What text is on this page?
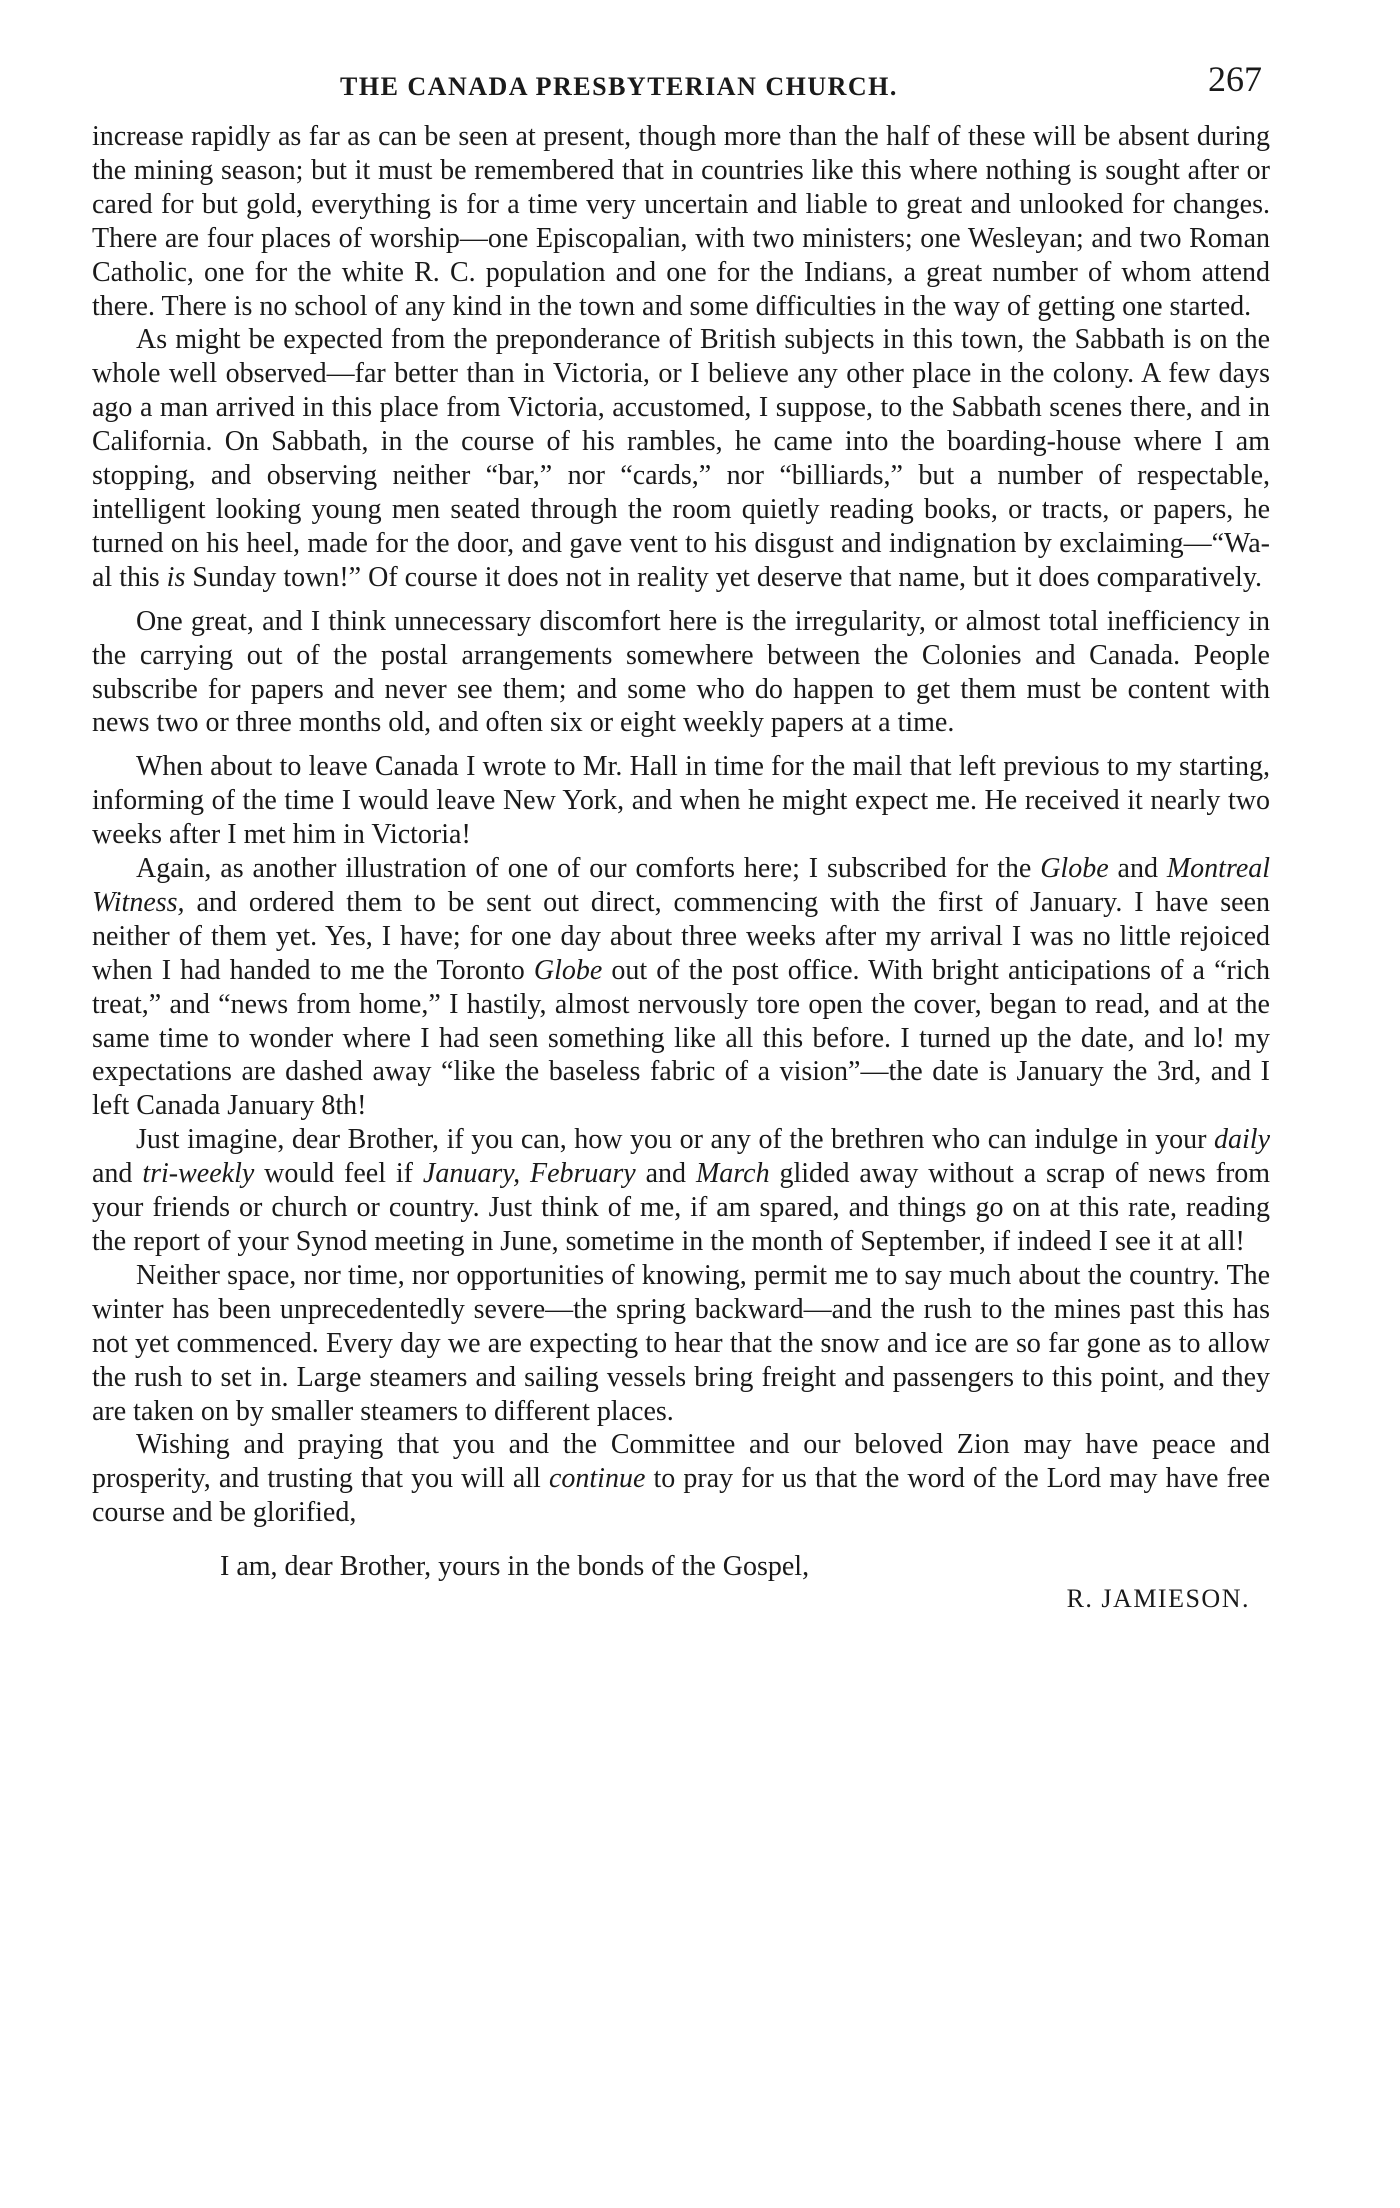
THE CANADA PRESBYTERIAN CHURCH.	267

increase rapidly as far as can be seen at present, though more than the half of these will be absent during the mining season; but it must be remembered that in countries like this where nothing is sought after or cared for but gold, everything is for a time very uncertain and liable to great and unlooked for changes. There are four places of worship—one Episcopalian, with two ministers; one Wesleyan; and two Roman Catholic, one for the white R. C. population and one for the Indians, a great number of whom attend there. There is no school of any kind in the town and some difficulties in the way of getting one started.

As might be expected from the preponderance of British subjects in this town, the Sabbath is on the whole well observed—far better than in Victoria, or I believe any other place in the colony. A few days ago a man arrived in this place from Victoria, accustomed, I suppose, to the Sabbath scenes there, and in California. On Sabbath, in the course of his rambles, he came into the boarding-house where I am stopping, and observing neither “bar,” nor “cards,” nor “billiards,” but a number of respectable, intelligent looking young men seated through the room quietly reading books, or tracts, or papers, he turned on his heel, made for the door, and gave vent to his disgust and indignation by exclaiming—“Wa-al this is Sunday town!” Of course it does not in reality yet deserve that name, but it does comparatively.

One great, and I think unnecessary discomfort here is the irregularity, or almost total inefficiency in the carrying out of the postal arrangements somewhere between the Colonies and Canada. People subscribe for papers and never see them; and some who do happen to get them must be content with news two or three months old, and often six or eight weekly papers at a time.

When about to leave Canada I wrote to Mr. Hall in time for the mail that left previous to my starting, informing of the time I would leave New York, and when he might expect me. He received it nearly two weeks after I met him in Victoria!

Again, as another illustration of one of our comforts here; I subscribed for the Globe and Montreal Witness, and ordered them to be sent out direct, commencing with the first of January. I have seen neither of them yet. Yes, I have; for one day about three weeks after my arrival I was no little rejoiced when I had handed to me the Toronto Globe out of the post office. With bright anticipations of a “rich treat,” and “news from home,” I hastily, almost nervously tore open the cover, began to read, and at the same time to wonder where I had seen something like all this before. I turned up the date, and lo! my expectations are dashed away “like the baseless fabric of a vision”—the date is January the 3rd, and I left Canada January 8th!

Just imagine, dear Brother, if you can, how you or any of the brethren who can indulge in your daily and tri-weekly would feel if January, February and March glided away without a scrap of news from your friends or church or country. Just think of me, if am spared, and things go on at this rate, reading the report of your Synod meeting in June, sometime in the month of September, if indeed I see it at all!

Neither space, nor time, nor opportunities of knowing, permit me to say much about the country. The winter has been unprecedentedly severe—the spring backward—and the rush to the mines past this has not yet commenced. Every day we are expecting to hear that the snow and ice are so far gone as to allow the rush to set in. Large steamers and sailing vessels bring freight and passengers to this point, and they are taken on by smaller steamers to different places.

Wishing and praying that you and the Committee and our beloved Zion may have peace and prosperity, and trusting that you will all continue to pray for us that the word of the Lord may have free course and be glorified,

I am, dear Brother, yours in the bonds of the Gospel,
R. JAMIESON.
